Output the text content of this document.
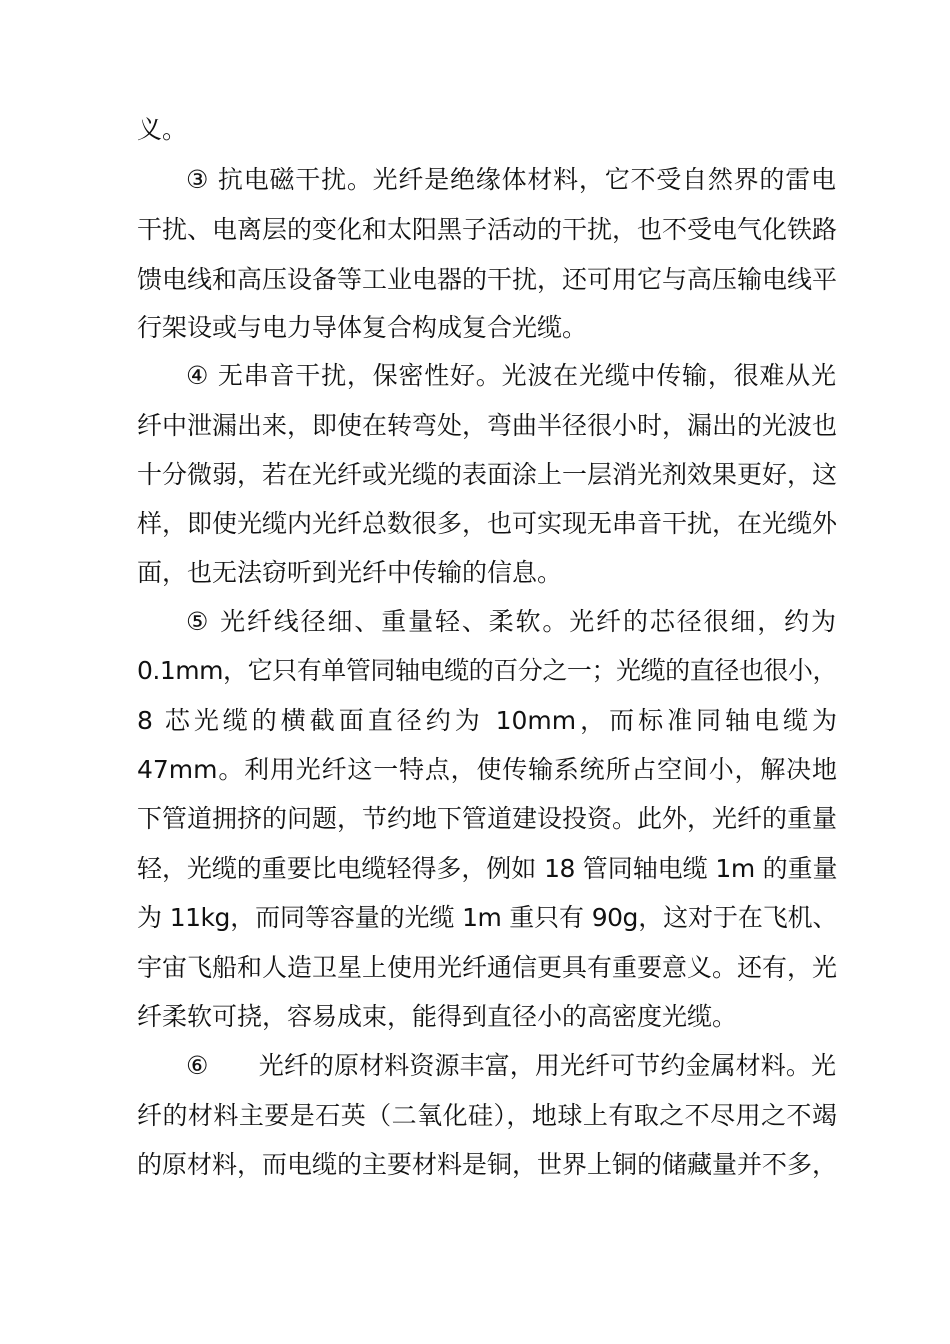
义。
③ 抗电磁干扰。光纤是绝缘体材料，它不受自然界的雷电
干扰、电离层的变化和太阳黑子活动的干扰，也不受电气化铁路
馈电线和高压设备等工业电器的干扰，还可用它与高压输电线平
行架设或与电力导体复合构成复合光缆。
④ 无串音干扰，保密性好。光波在光缆中传输，很难从光
纤中泄漏出来，即使在转弯处，弯曲半径很小时，漏出的光波也
十分微弱，若在光纤或光缆的表面涂上一层消光剂效果更好，这
样，即使光缆内光纤总数很多，也可实现无串音干扰，在光缆外
面，也无法窃听到光纤中传输的信息。
⑤ 光纤线径细、重量轻、柔软。光纤的芯径很细，约为
0.1mm，它只有单管同轴电缆的百分之一；光缆的直径也很小，
8 芯光缆的横截面直径约为 10mm，而标准同轴电缆为
47mm。利用光纤这一特点，使传输系统所占空间小，解决地
下管道拥挤的问题，节约地下管道建设投资。此外，光纤的重量
轻，光缆的重要比电缆轻得多，例如 18 管同轴电缆 1m 的重量
为 11kg，而同等容量的光缆 1m 重只有 90g，这对于在飞机、
宇宙飞船和人造卫星上使用光纤通信更具有重要意义。还有，光
纤柔软可挠，容易成束，能得到直径小的高密度光缆。
⑥　　光纤的原材料资源丰富，用光纤可节约金属材料。光
纤的材料主要是石英（二氧化硅），地球上有取之不尽用之不竭
的原材料，而电缆的主要材料是铜，世界上铜的储藏量并不多，
